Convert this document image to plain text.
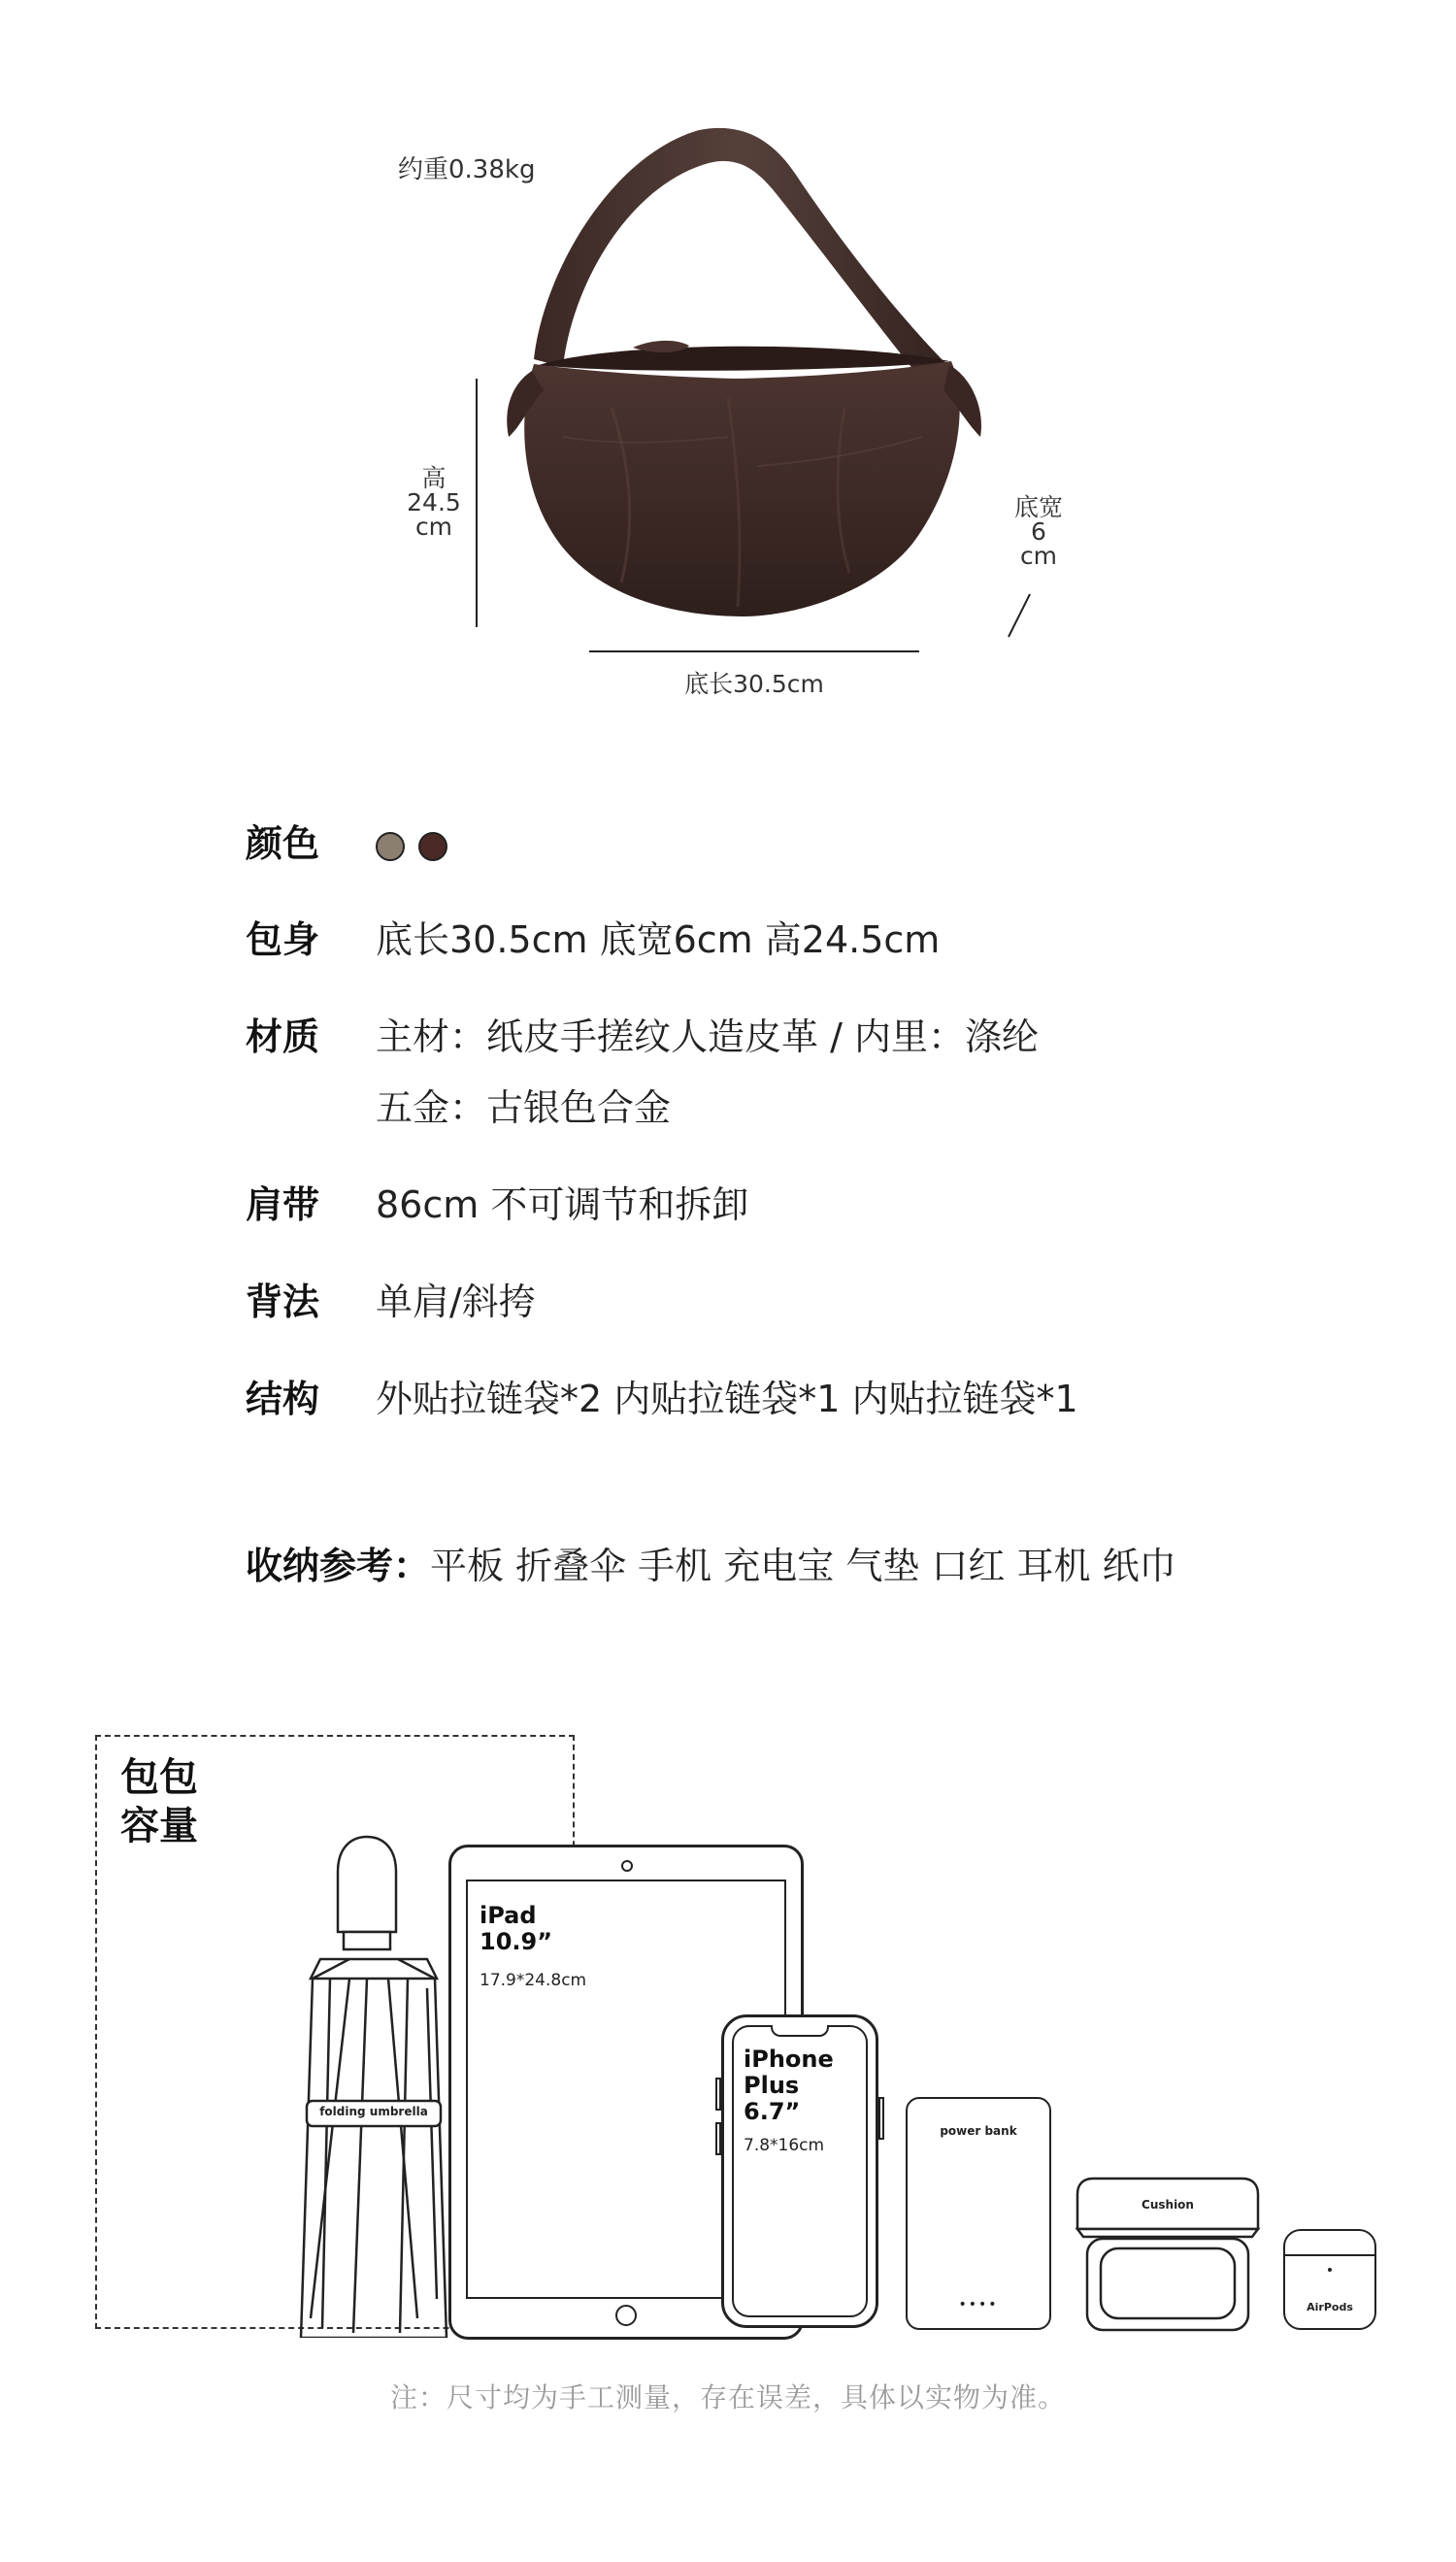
约重0.38kg
高
24.5
cm
底宽
6
cm
底长30.5cm
颜色
包身	底长30.5cm 底宽6cm 高24.5cm
材质	主材：纸皮手搓纹人造皮革 / 内里：涤纶
五金：古银色合金
肩带	86cm 不可调节和拆卸
背法	单肩/斜挎
结构	外贴拉链袋*2 内贴拉链袋*1 内贴拉链袋*1
收纳参考： 平板 折叠伞 手机 充电宝 气垫 口红 耳机 纸巾
包包
容量
folding umbrella
iPad
10.9”
17.9*24.8cm
iPhone
Plus
6.7”
7.8*16cm
power bank
••••
Cushion
AirPods
注：尺寸均为手工测量，存在误差，具体以实物为准。
